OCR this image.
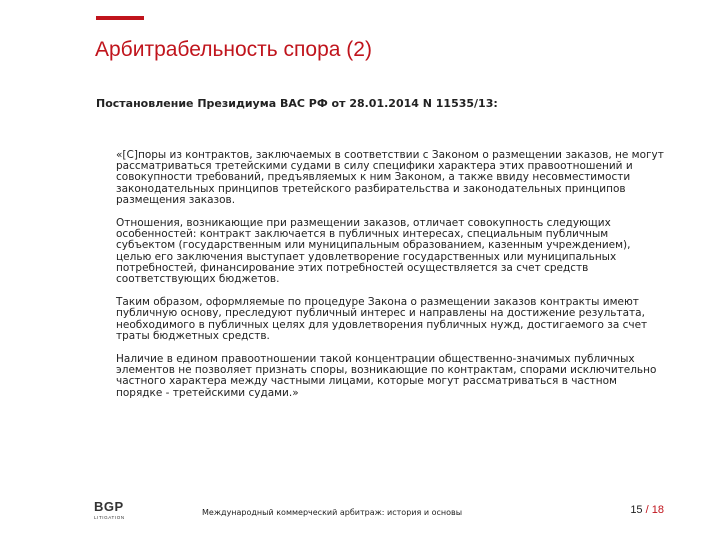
Арбитрабельность спора (2)
Постановление Президиума ВАС РФ от 28.01.2014 N 11535/13:

«[С]поры из контрактов, заключаемых в соответствии с Законом о размещении заказов, не могут рассматриваться третейскими судами в силу специфики характера этих правоотношений и совокупности требований, предъявляемых к ним Законом, а также ввиду несовместимости законодательных принципов третейского разбирательства и законодательных принципов размещения заказов.

Отношения, возникающие при размещении заказов, отличает совокупность следующих особенностей: контракт заключается в публичных интересах, специальным публичным субъектом (государственным или муниципальным образованием, казенным учреждением), целью его заключения выступает удовлетворение государственных или муниципальных потребностей, финансирование этих потребностей осуществляется за счет средств соответствующих бюджетов.

Таким образом, оформляемые по процедуре Закона о размещении заказов контракты имеют публичную основу, преследуют публичный интерес и направлены на достижение результата, необходимого в публичных целях для удовлетворения публичных нужд, достигаемого за счет траты бюджетных средств.

Наличие в едином правоотношении такой концентрации общественно-значимых публичных элементов не позволяет признать споры, возникающие по контрактам, спорами исключительно частного характера между частными лицами, которые могут рассматриваться в частном порядке - третейскими судами.»

BGP
LITIGATION
Международный коммерческий арбитраж: история и основы	15 / 18
